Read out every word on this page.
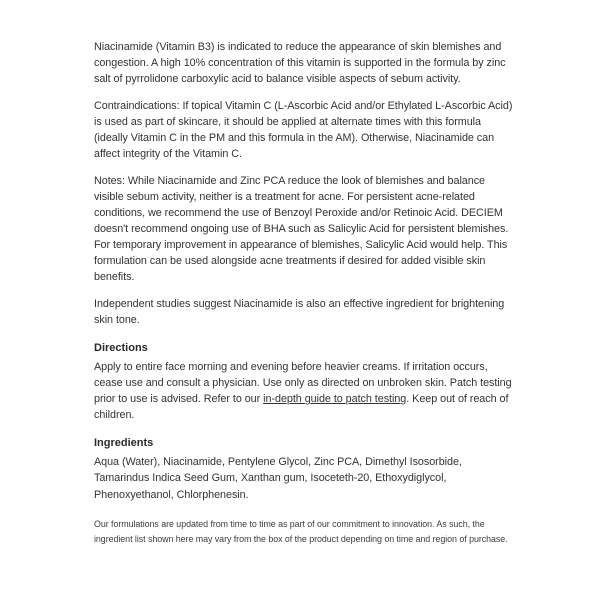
Niacinamide (Vitamin B3) is indicated to reduce the appearance of skin blemishes and congestion. A high 10% concentration of this vitamin is supported in the formula by zinc salt of pyrrolidone carboxylic acid to balance visible aspects of sebum activity.

Contraindications: If topical Vitamin C (L-Ascorbic Acid and/or Ethylated L-Ascorbic Acid) is used as part of skincare, it should be applied at alternate times with this formula (ideally Vitamin C in the PM and this formula in the AM). Otherwise, Niacinamide can affect integrity of the Vitamin C.

Notes: While Niacinamide and Zinc PCA reduce the look of blemishes and balance visible sebum activity, neither is a treatment for acne. For persistent acne-related conditions, we recommend the use of Benzoyl Peroxide and/or Retinoic Acid. DECIEM doesn't recommend ongoing use of BHA such as Salicylic Acid for persistent blemishes. For temporary improvement in appearance of blemishes, Salicylic Acid would help. This formulation can be used alongside acne treatments if desired for added visible skin benefits.

Independent studies suggest Niacinamide is also an effective ingredient for brightening skin tone.

Directions

Apply to entire face morning and evening before heavier creams. If irritation occurs, cease use and consult a physician. Use only as directed on unbroken skin. Patch testing prior to use is advised. Refer to our in-depth guide to patch testing. Keep out of reach of children.

Ingredients

Aqua (Water), Niacinamide, Pentylene Glycol, Zinc PCA, Dimethyl Isosorbide, Tamarindus Indica Seed Gum, Xanthan gum, Isoceteth-20, Ethoxydiglycol, Phenoxyethanol, Chlorphenesin.

Our formulations are updated from time to time as part of our commitment to innovation. As such, the ingredient list shown here may vary from the box of the product depending on time and region of purchase.
